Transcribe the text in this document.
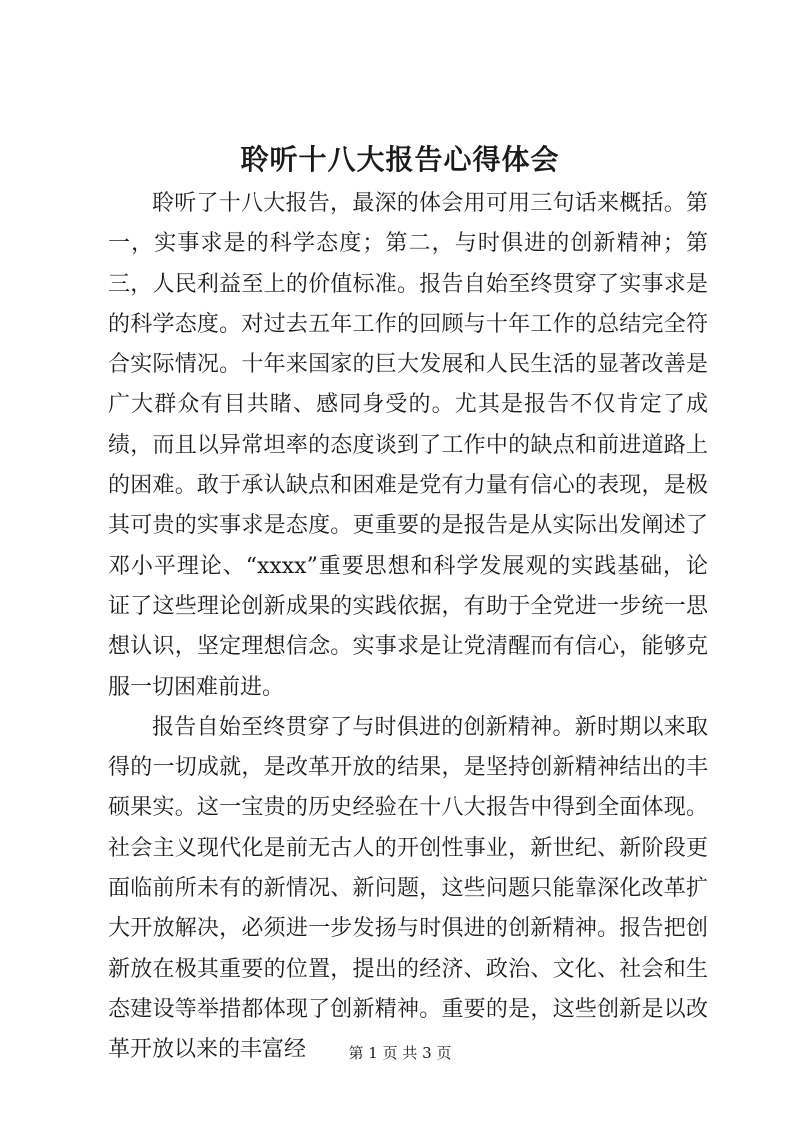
聆听十八大报告心得体会

聆听了十八大报告，最深的体会用可用三句话来概括。第一，实事求是的科学态度；第二，与时俱进的创新精神；第三，人民利益至上的价值标准。报告自始至终贯穿了实事求是的科学态度。对过去五年工作的回顾与十年工作的总结完全符合实际情况。十年来国家的巨大发展和人民生活的显著改善是广大群众有目共睹、感同身受的。尤其是报告不仅肯定了成绩，而且以异常坦率的态度谈到了工作中的缺点和前进道路上的困难。敢于承认缺点和困难是党有力量有信心的表现，是极其可贵的实事求是态度。更重要的是报告是从实际出发阐述了邓小平理论、“xxxx”重要思想和科学发展观的实践基础，论证了这些理论创新成果的实践依据，有助于全党进一步统一思想认识，坚定理想信念。实事求是让党清醒而有信心，能够克服一切困难前进。

报告自始至终贯穿了与时俱进的创新精神。新时期以来取得的一切成就，是改革开放的结果，是坚持创新精神结出的丰硕果实。这一宝贵的历史经验在十八大报告中得到全面体现。社会主义现代化是前无古人的开创性事业，新世纪、新阶段更面临前所未有的新情况、新问题，这些问题只能靠深化改革扩大开放解决，必须进一步发扬与时俱进的创新精神。报告把创新放在极其重要的位置，提出的经济、政治、文化、社会和生态建设等举措都体现了创新精神。重要的是，这些创新是以改革开放以来的丰富经	第 1 页 共 3 页
